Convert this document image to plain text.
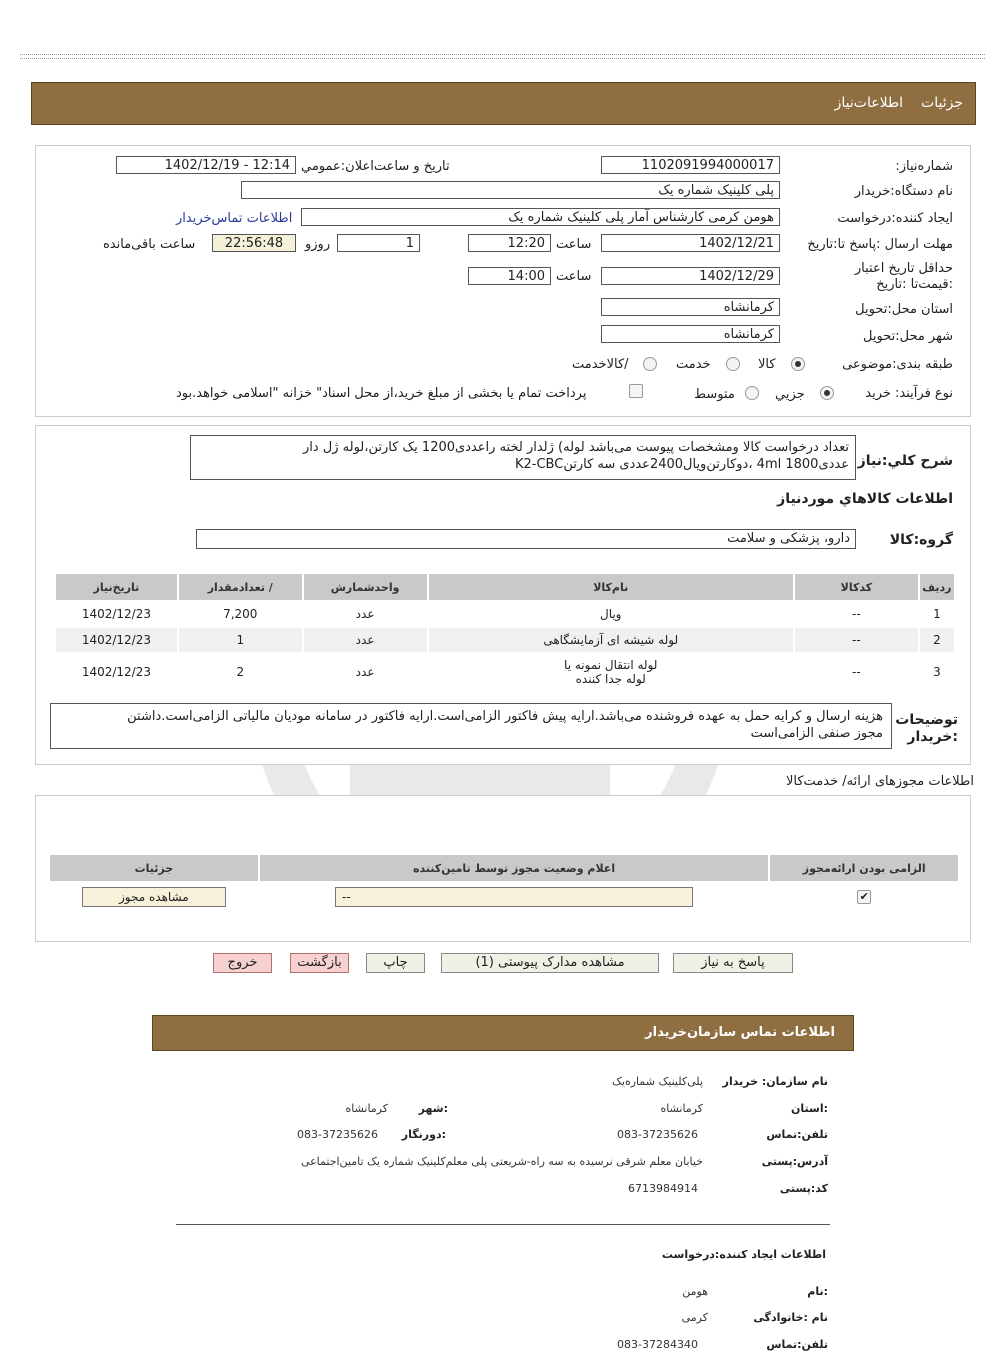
جزئیات
اطلاعات‌نیاز
شماره‌نیاز:
1102091994000017
تاریخ و ساعت‌اعلان:عمومي
1402/12/19 - 12:14
نام دستگاه‌:خریدار
پلی کلینیک شماره یک
ایجاد کننده:درخواست
هومن کرمی کارشناس آمار پلی کلینیک شماره یک
اطلاعات تماس‌خریدار
مهلت ارسال :پاسخ تا:تاریخ
1402/12/21
ساعت
12:20
1
روزو
22:56:48
ساعت باقی‌مانده
حداقل تاریخ اعتبار :قیمت‌تا :تاریخ
1402/12/29
ساعت
14:00
استان محل:تحویل
کرمانشاه
شهر محل:تحویل
کرمانشاه
طبقه بندی:موضوعی
کالا
خدمت
/کالاخدمت
نوع فرآیند: خرید
جزيي
متوسط
پرداخت تمام یا بخشی از مبلغ خرید،از محل اسناد" خزانه "اسلامی خواهد.بود
شرح کلي:نیاز
تعداد درخواست کالا ومشخصات پیوست می‌باشد لوله) ژلدار لخته راعددی1200 یک کارتن،لوله ژل دار
عددی1800 4ml ،دوکارتن‌ویال2400عددی سه کارتنK2-CBC
اطلاعات کالاهاي موردنیاز
گروه:کالا
دارو، پزشکی و سلامت
ردیف	کدکالا	نام‌کالا	واحدشمارش	/ تعدادمقدار	تاریخ‌نیاز
1	--	ویال	عدد	7,200	1402/12/23
2	--	لوله شیشه ای آزمایشگاهی	عدد	1	1402/12/23
3	--	لوله انتقال نمونه یا لوله جدا کننده	عدد	2	1402/12/23
توضیحات :خریدار
هزینه ارسال و کرایه حمل به عهده فروشنده می‌باشد.ارایه پیش فاکتور الزامی‌است.ارایه فاکتور در سامانه مودیان مالیاتی الزامی‌است.داشتن
مجوز صنفی الزامی‌است
اطلاعات مجوزهای ارائه/ خدمت‌کالا
الزامی بودن ارائه‌مجوز	اعلام وضعیت مجوز توسط تامین‌کننده	جزئیات
✔	--	مشاهده مجوز
پاسخ به نیاز
مشاهده مدارک پیوستی (1)
چاپ
بازگشت
خروج
اطلاعات تماس سازمان‌خریدار
نام سازمان: خریدار
پلی‌کلینیک شماره‌یک
:استان
کرمانشاه
:شهر
کرمانشاه
تلفن:تماس
083-37235626
:دورنگار
083-37235626
آدرس:پستی
خیابان معلم شرقی نرسیده به سه راه-شریعتی پلی معلم‌کلینیک شماره یک تامین‌اجتماعی
کد:پستی
6713984914
اطلاعات ایجاد کننده:درخواست
:نام
هومن
نام :خانوادگی
کرمی
تلفن:تماس
083-37284340
